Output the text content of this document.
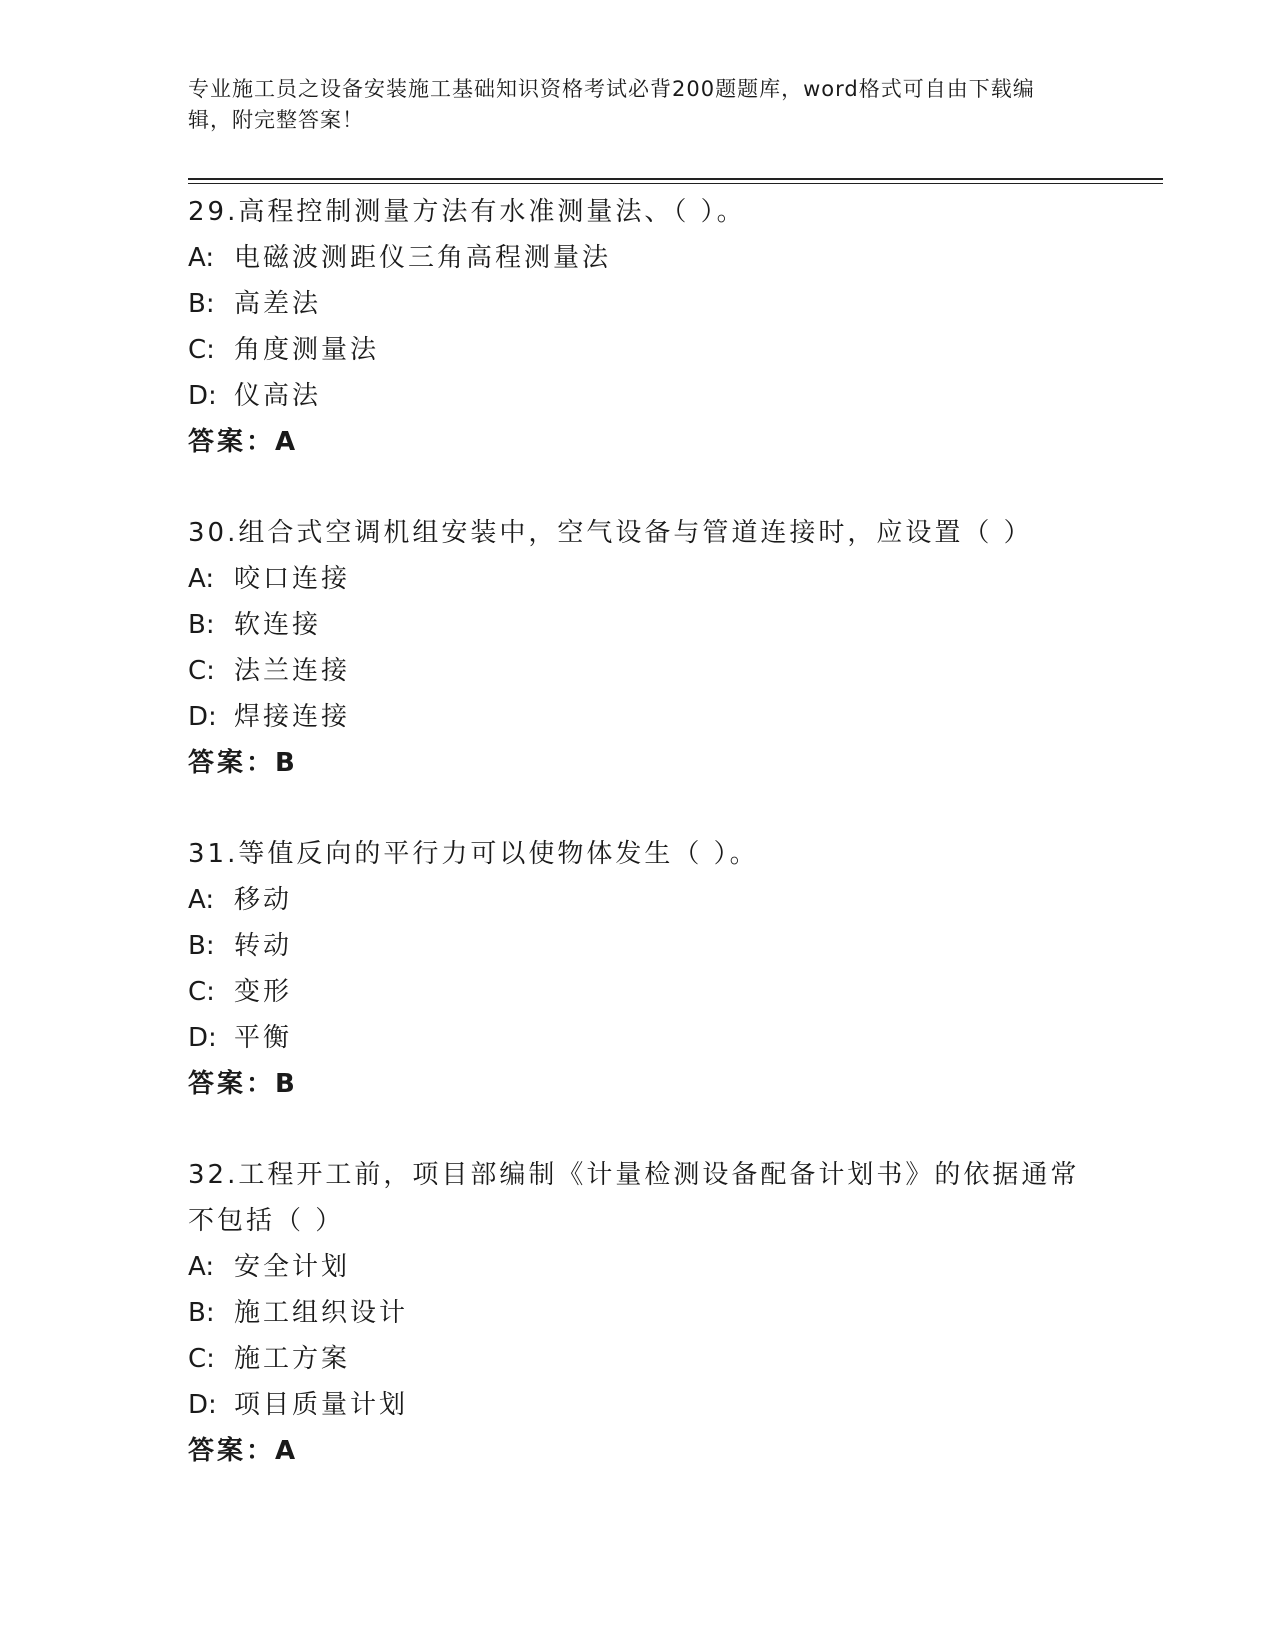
专业施工员之设备安装施工基础知识资格考试必背200题题库，word格式可自由下载编辑，附完整答案！

29.高程控制测量方法有水准测量法、（ ）。

A: 电磁波测距仪三角高程测量法

B: 高差法

C: 角度测量法

D: 仪高法

答案：A

30.组合式空调机组安装中，空气设备与管道连接时，应设置（ ）

A: 咬口连接

B: 软连接

C: 法兰连接

D: 焊接连接

答案：B

31.等值反向的平行力可以使物体发生（ ）。

A: 移动

B: 转动

C: 变形

D: 平衡

答案：B

32.工程开工前，项目部编制《计量检测设备配备计划书》的依据通常不包括（ ）

A: 安全计划

B: 施工组织设计

C: 施工方案

D: 项目质量计划

答案：A
